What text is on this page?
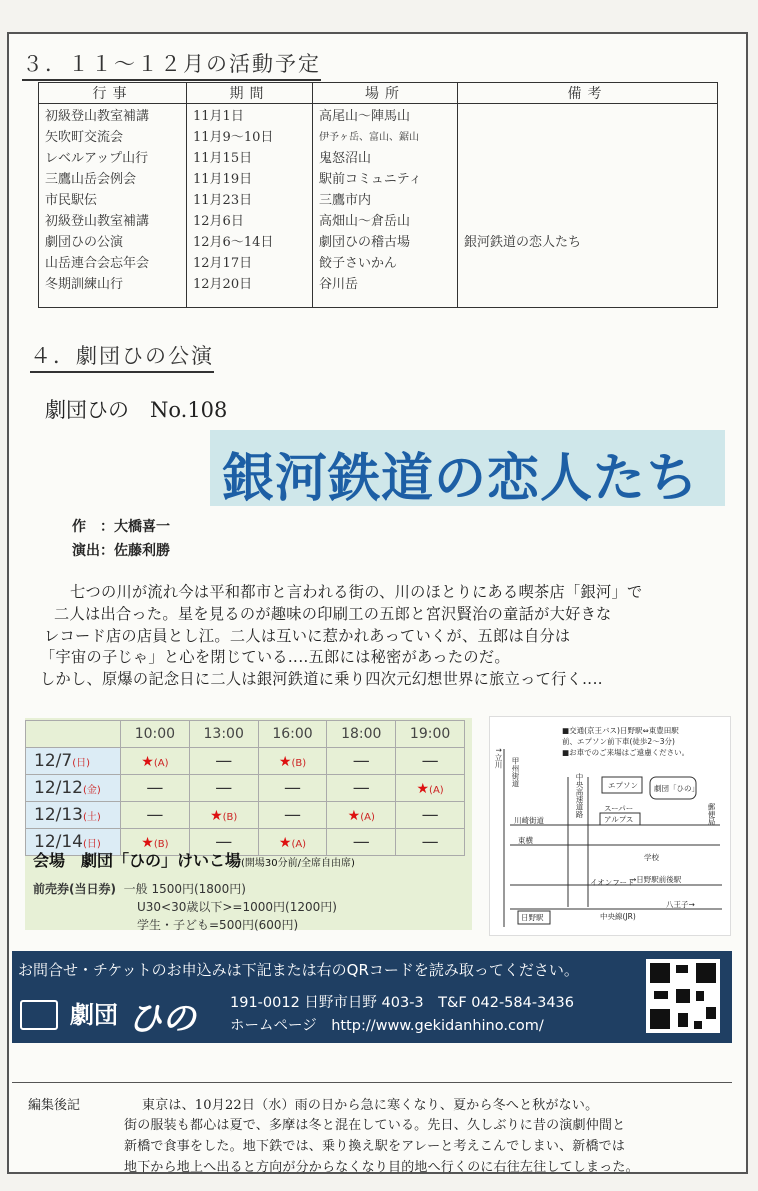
３．１１～１２月の活動予定
行事	期間	場所	備考
初級登山教室補講	11月1日	高尾山～陣馬山	
矢吹町交流会	11月9～10日	伊予ヶ岳、富山、鋸山	
レベルアップ山行	11月15日	鬼怒沼山	
三鷹山岳会例会	11月19日	駅前コミュニティ	
市民駅伝	11月23日	三鷹市内	
初級登山教室補講	12月6日	高畑山～倉岳山	
劇団ひの公演	12月6～14日	劇団ひの稽古場	銀河鉄道の恋人たち
山岳連合会忘年会	12月17日	餃子さいかん	
冬期訓練山行	12月20日	谷川岳	

４．劇団ひの公演
劇団ひの　No.108
銀河鉄道の恋人たち
作　：大橋喜一
演出：佐藤利勝
七つの川が流れ今は平和都市と言われる街の、川のほとりにある喫茶店「銀河」で
二人は出合った。星を見るのが趣味の印刷工の五郎と宮沢賢治の童話が大好きな
レコード店の店員とし江。二人は互いに惹かれあっていくが、五郎は自分は
「宇宙の子じゃ」と心を閉じている‥‥五郎には秘密があったのだ。
しかし、原爆の記念日に二人は銀河鉄道に乗り四次元幻想世界に旅立って行く‥‥
	10:00	13:00	16:00	18:00	19:00
12/7(日)	★(A)	—	★(B)	—	—
12/12(金)	—	—	—	—	★(A)
12/13(土)	—	★(B)	—	★(A)	—
12/14(日)	★(B)	—	★(A)	—	—
会場　劇団「ひの」けいこ場(開場30分前/全席自由席)
前売券(当日券) 一般 1500円(1800円)
U30<30歳以下>=1000円(1200円)
学生・子ども=500円(600円)
■交通(京王バス)日野駅⇔東豊田駅
前、エプソン前下車(徒歩2～3分)
■お車でのご来場はご遠慮ください。
エプソン 劇団「ひの」
スーパー
アルプス
川崎街道
東横
日野駅	中央線(JR)
八王子→
→日野駅前後駅
イオンフード
学校
↑立川 甲州街道
中央高速道路	郵便局
お問合せ・チケットのお申込みは下記または右のQRコードを読み取ってください。
劇団 ひの 191-0012 日野市日野 403-3　T&F 042-584-3436
ホームページ　http://www.gekidanhino.com/
編集後記	東京は、10月22日（水）雨の日から急に寒くなり、夏から冬へと秋がない。
街の服装も都心は夏で、多摩は冬と混在している。先日、久しぶりに昔の演劇仲間と
新橋で食事をした。地下鉄では、乗り換え駅をアレーと考えこんでしまい、新橋では
地下から地上へ出ると方向が分からなくなり目的地へ行くのに右往左往してしまった。
